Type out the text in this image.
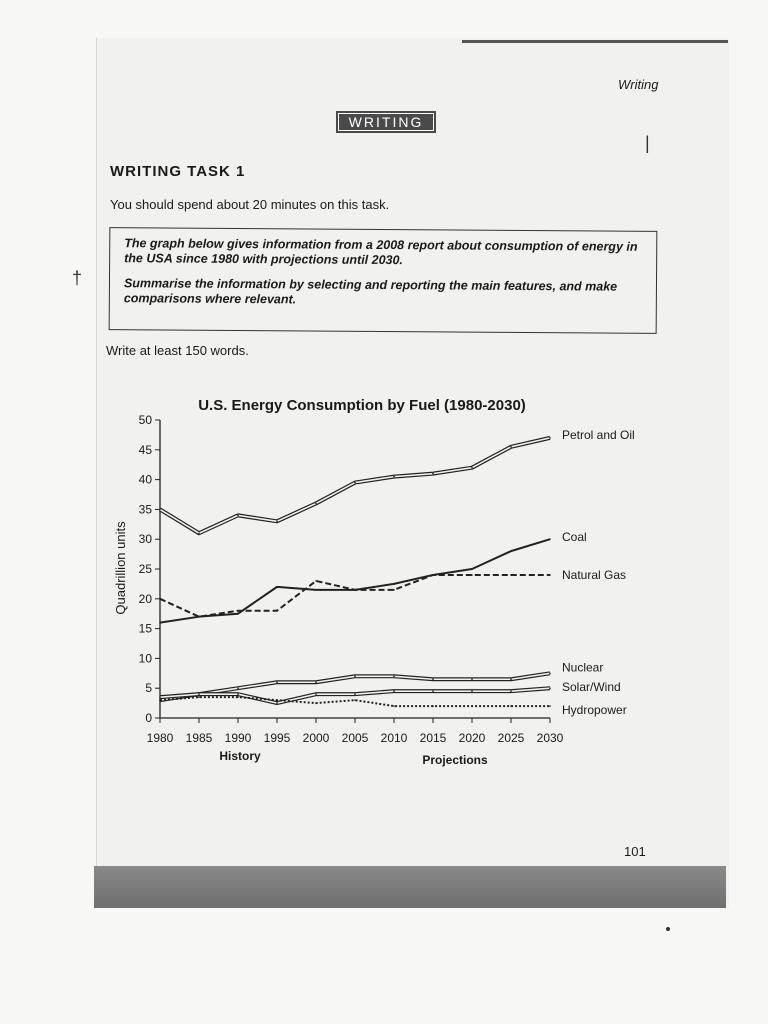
Writing
WRITING
WRITING TASK 1
You should spend about 20 minutes on this task.

The graph below gives information from a 2008 report about consumption of energy in the USA since 1980 with projections until 2030.

Summarise the information by selecting and reporting the main features, and make comparisons where relevant.

Write at least 150 words.
|
†
U.S. Energy Consumption by Fuel (1980-2030)
Quadrillion units
History	Projections
0
5
10
15
20
25
30
35
40
45
50
1980 1985 1990 1995 2000 2005 2010 2015 2020 2025 2030
Petrol and Oil
Coal
Natural Gas
Nuclear
Solar/Wind
Hydropower
101
